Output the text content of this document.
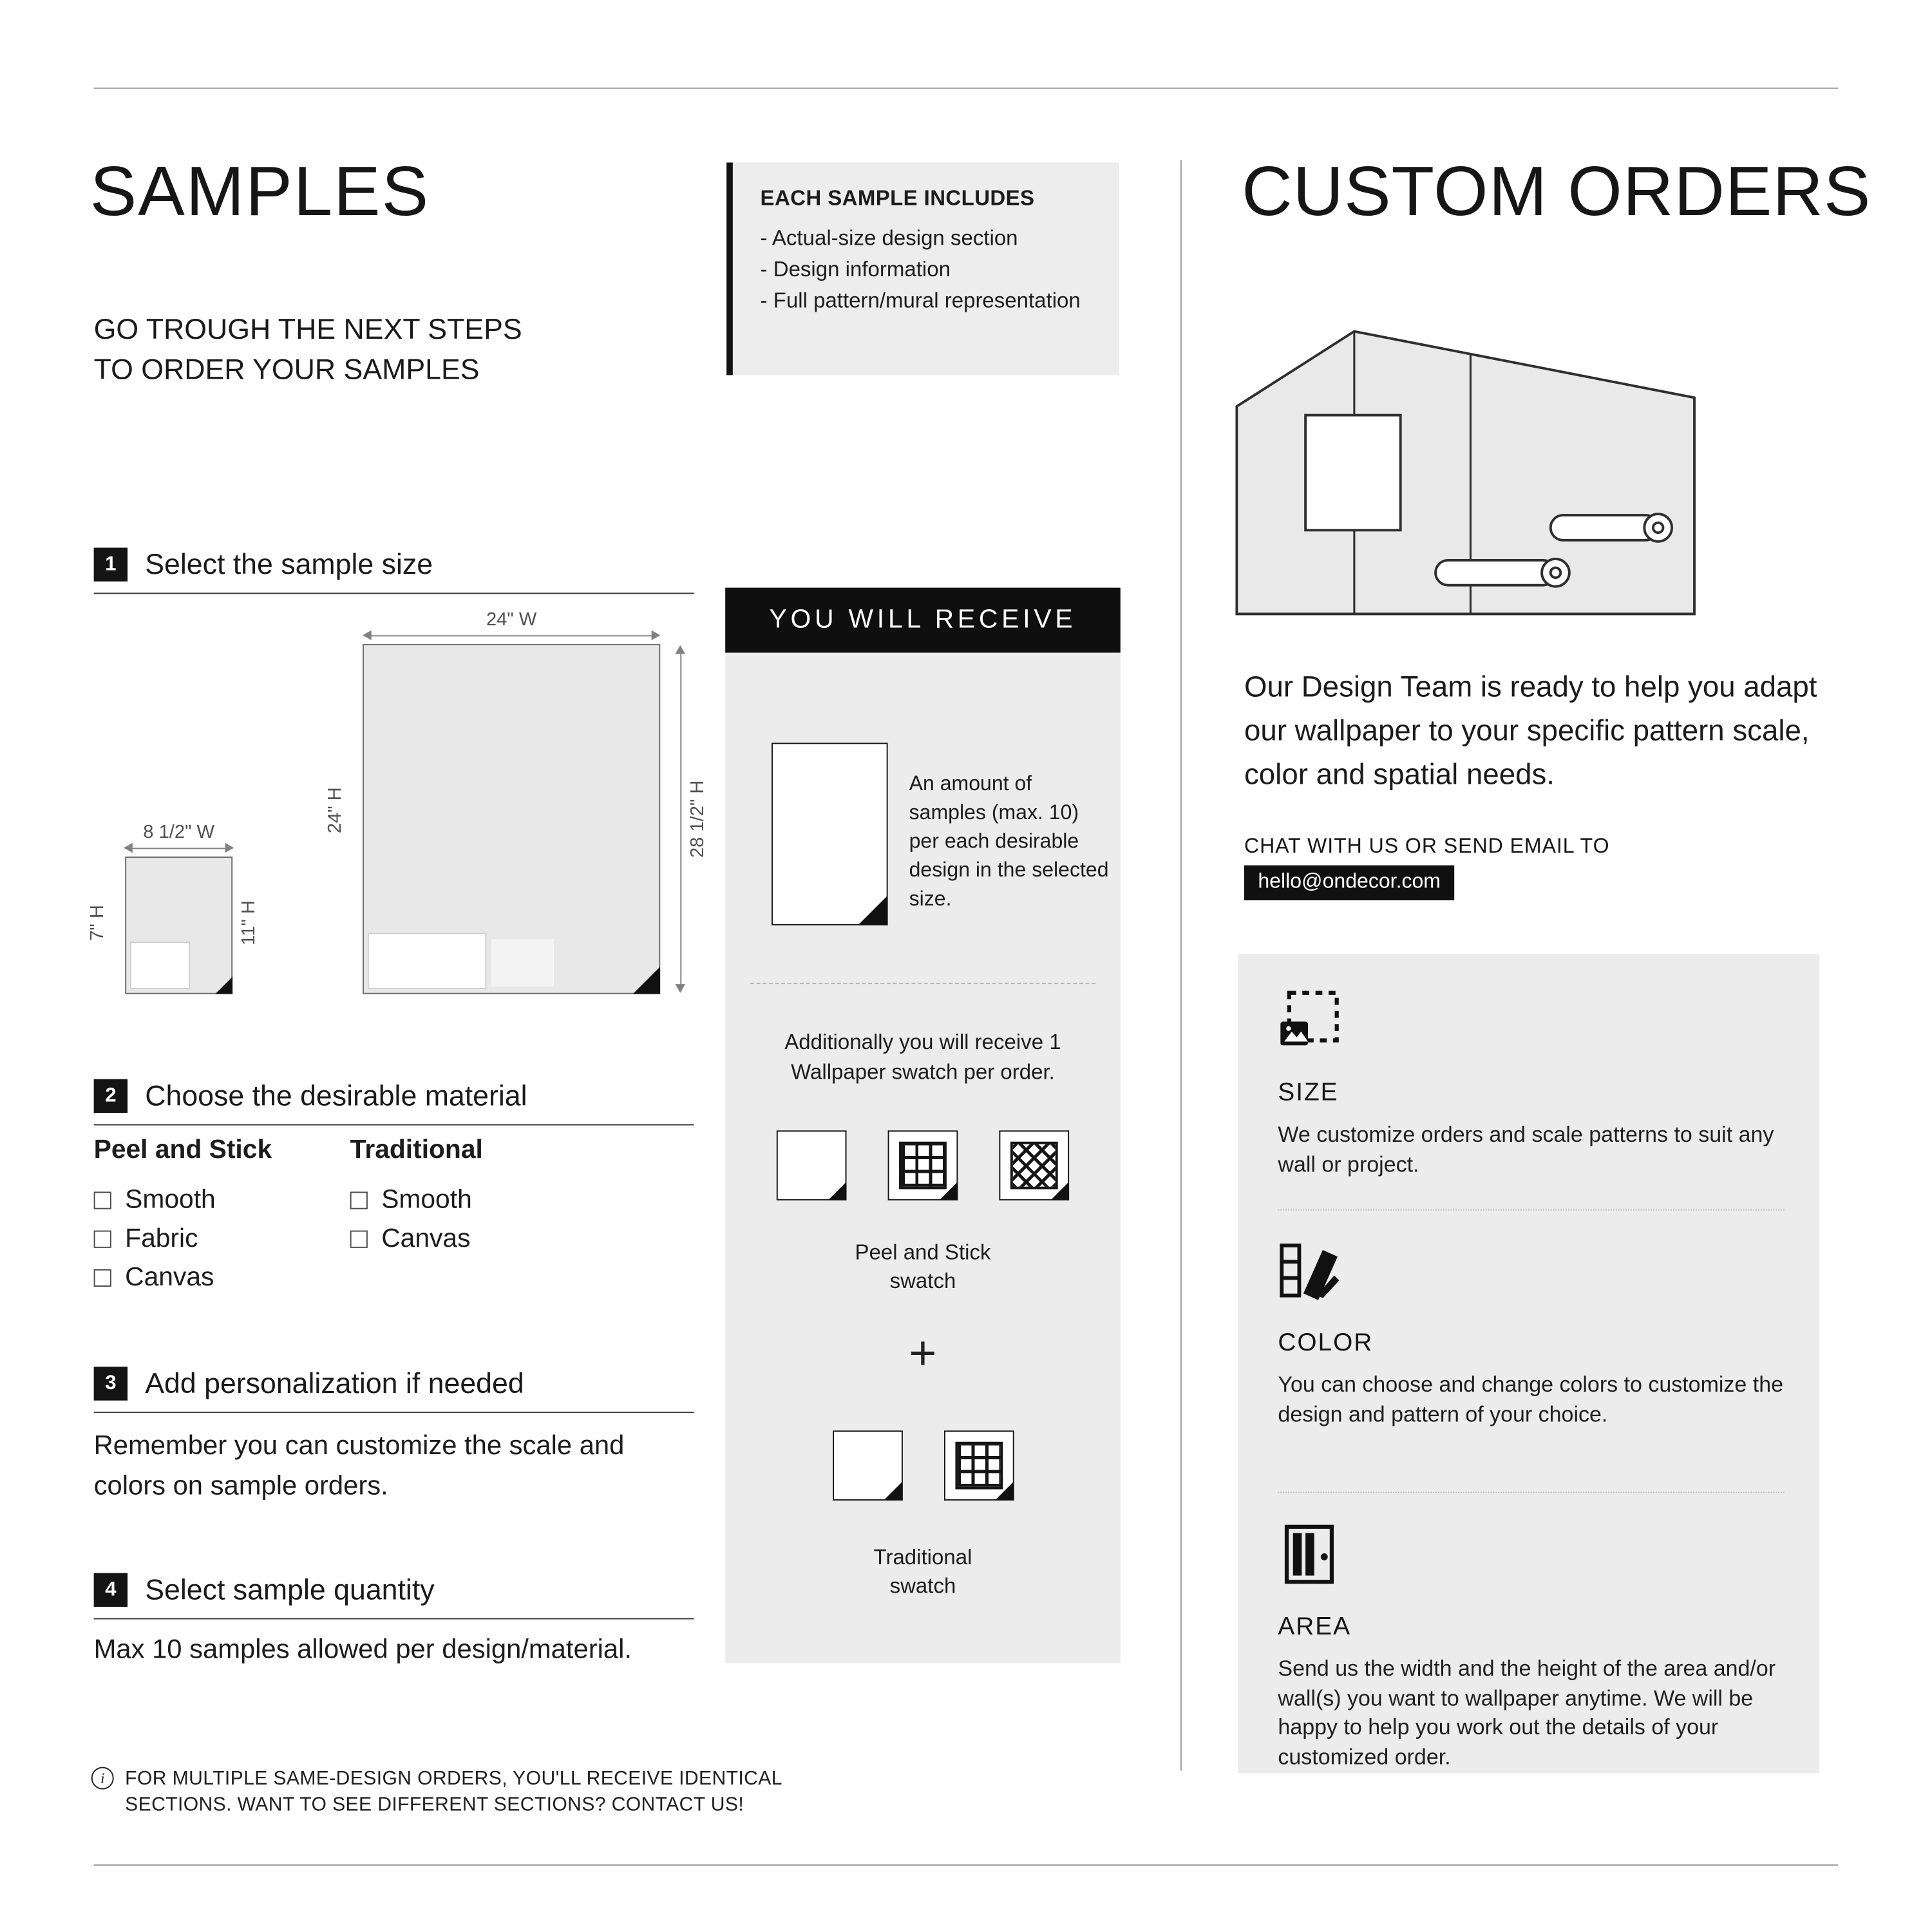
SAMPLES
GO TROUGH THE NEXT STEPS
TO ORDER YOUR SAMPLES
EACH SAMPLE INCLUDES
- Actual-size design section
- Design information
- Full pattern/mural representation
1	Select the sample size
24" W
28 1/2" H
24" H
8 1/2" W
7" H	11" H
2	Choose the desirable material
Peel and Stick
Smooth
Fabric
Canvas
Traditional
Smooth
Canvas
3	Add personalization if needed
Remember you can customize the scale and colors on sample orders.
4	Select sample quantity
Max 10 samples allowed per design/material.
i
FOR MULTIPLE SAME-DESIGN ORDERS, YOU'LL RECEIVE IDENTICAL
SECTIONS. WANT TO SEE DIFFERENT SECTIONS? CONTACT US!
YOU WILL RECEIVE
An amount of samples (max. 10) per each desirable design in the selected size.
Additionally you will receive 1 Wallpaper swatch per order.
Peel and Stick
swatch
+
Traditional
swatch
CUSTOM ORDERS
Our Design Team is ready to help you adapt our wallpaper to your specific pattern scale, color and spatial needs.
CHAT WITH US OR SEND EMAIL TO
hello@ondecor.com
SIZE
We customize orders and scale patterns to suit any wall or project.
COLOR
You can choose and change colors to customize the design and pattern of your choice.
AREA
Send us the width and the height of the area and/or wall(s) you want to wallpaper anytime. We will be happy to help you work out the details of your customized order.
